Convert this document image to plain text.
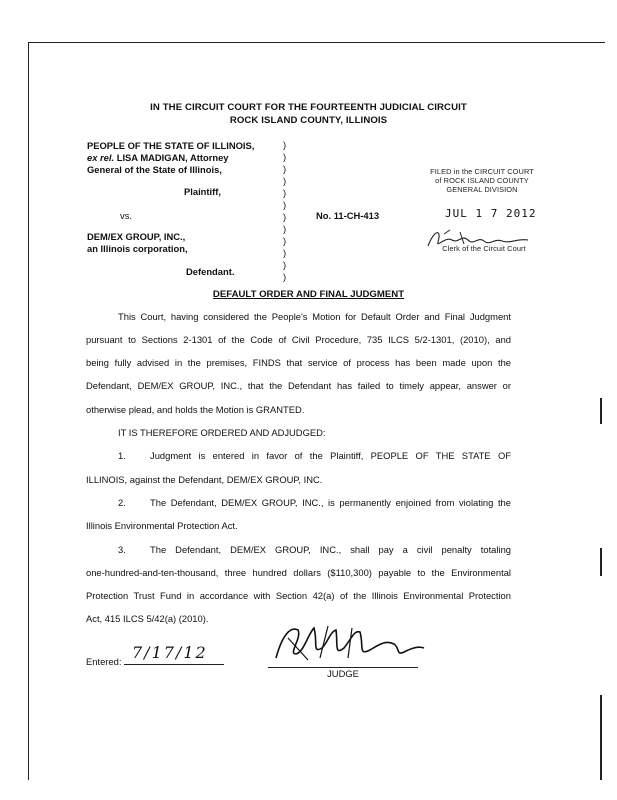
IN THE CIRCUIT COURT FOR THE FOURTEENTH JUDICIAL CIRCUIT
ROCK ISLAND COUNTY, ILLINOIS
PEOPLE OF THE STATE OF ILLINOIS,
ex rel. LISA MADIGAN, Attorney
General of the State of Illinois,
Plaintiff,
vs.	No. 11-CH-413
DEM/EX GROUP, INC.,
an Illinois corporation,
Defendant.
)
)
)
)
)
)
)
)
)
)
)
)
FILED in the CIRCUIT COURT
of ROCK ISLAND COUNTY
GENERAL DIVISION
JUL 1 7 2012
Clerk of the Circuit Court
DEFAULT ORDER AND FINAL JUDGMENT
This Court, having considered the People's Motion for Default Order and Final Judgment
pursuant to Sections 2-1301 of the Code of Civil Procedure, 735 ILCS 5/2-1301, (2010), and
being fully advised in the premises, FINDS that service of process has been made upon the
Defendant, DEM/EX GROUP, INC., that the Defendant has failed to timely appear, answer or
otherwise plead, and holds the Motion is GRANTED.
IT IS THEREFORE ORDERED AND ADJUDGED:
1.	Judgment is entered in favor of the Plaintiff, PEOPLE OF THE STATE OF
ILLINOIS, against the Defendant, DEM/EX GROUP, INC.
2.	The Defendant, DEM/EX GROUP, INC., is permanently enjoined from violating the
Illinois Environmental Protection Act.
3.	The Defendant, DEM/EX GROUP, INC., shall pay a civil penalty totaling
one-hundred-and-ten-thousand, three hundred dollars ($110,300) payable to the Environmental
Protection Trust Fund in accordance with Section 42(a) of the Illinois Environmental Protection
Act, 415 ILCS 5/42(a) (2010).
Entered: 7/17/12
JUDGE
